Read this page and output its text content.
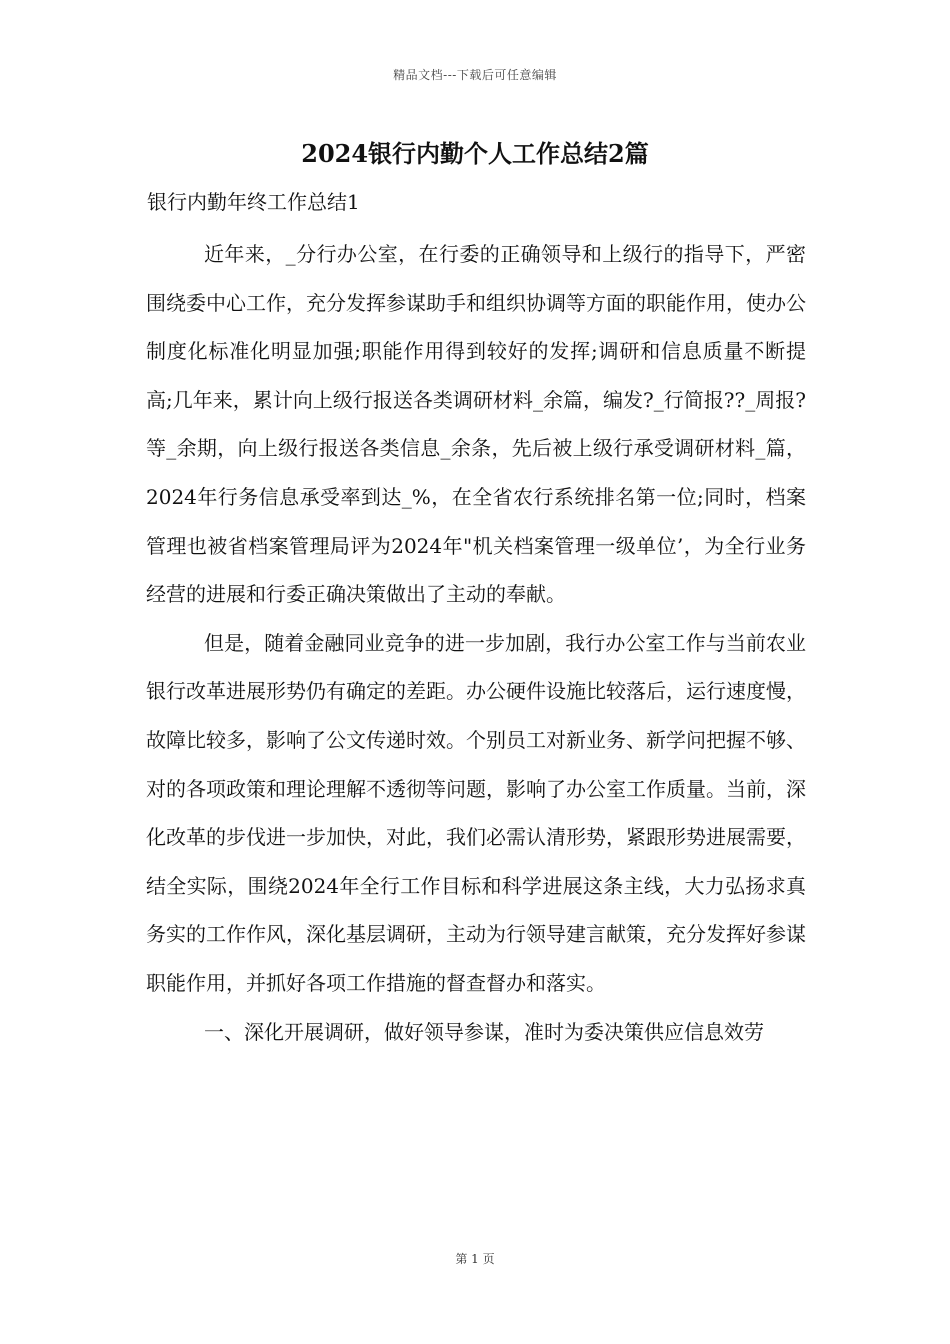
精品文档---下载后可任意编辑
2024银行内勤个人工作总结2篇
银行内勤年终工作总结1

近年来，_分行办公室，在行委的正确领导和上级行的指导下，严密围绕委中心工作，充分发挥参谋助手和组织协调等方面的职能作用，使办公制度化标准化明显加强;职能作用得到较好的发挥;调研和信息质量不断提高;几年来，累计向上级行报送各类调研材料_余篇，编发?_行简报??_周报?等_余期，向上级行报送各类信息_余条，先后被上级行承受调研材料_篇， 2024年行务信息承受率到达_%，在全省农行系统排名第一位;同时，档案管理也被省档案管理局评为2024年"机关档案管理一级单位’，为全行业务经营的进展和行委正确决策做出了主动的奉献。

但是，随着金融同业竞争的进一步加剧，我行办公室工作与当前农业银行改革进展形势仍有确定的差距。办公硬件设施比较落后，运行速度慢，故障比较多，影响了公文传递时效。个别员工对新业务、新学问把握不够、对的各项政策和理论理解不透彻等问题，影响了办公室工作质量。当前，深化改革的步伐进一步加快，对此，我们必需认清形势，紧跟形势进展需要，结全实际，围绕2024年全行工作目标和科学进展这条主线，大力弘扬求真务实的工作作风，深化基层调研，主动为行领导建言献策，充分发挥好参谋职能作用，并抓好各项工作措施的督查督办和落实。

一、深化开展调研，做好领导参谋，准时为委决策供应信息效劳

第 1 页
